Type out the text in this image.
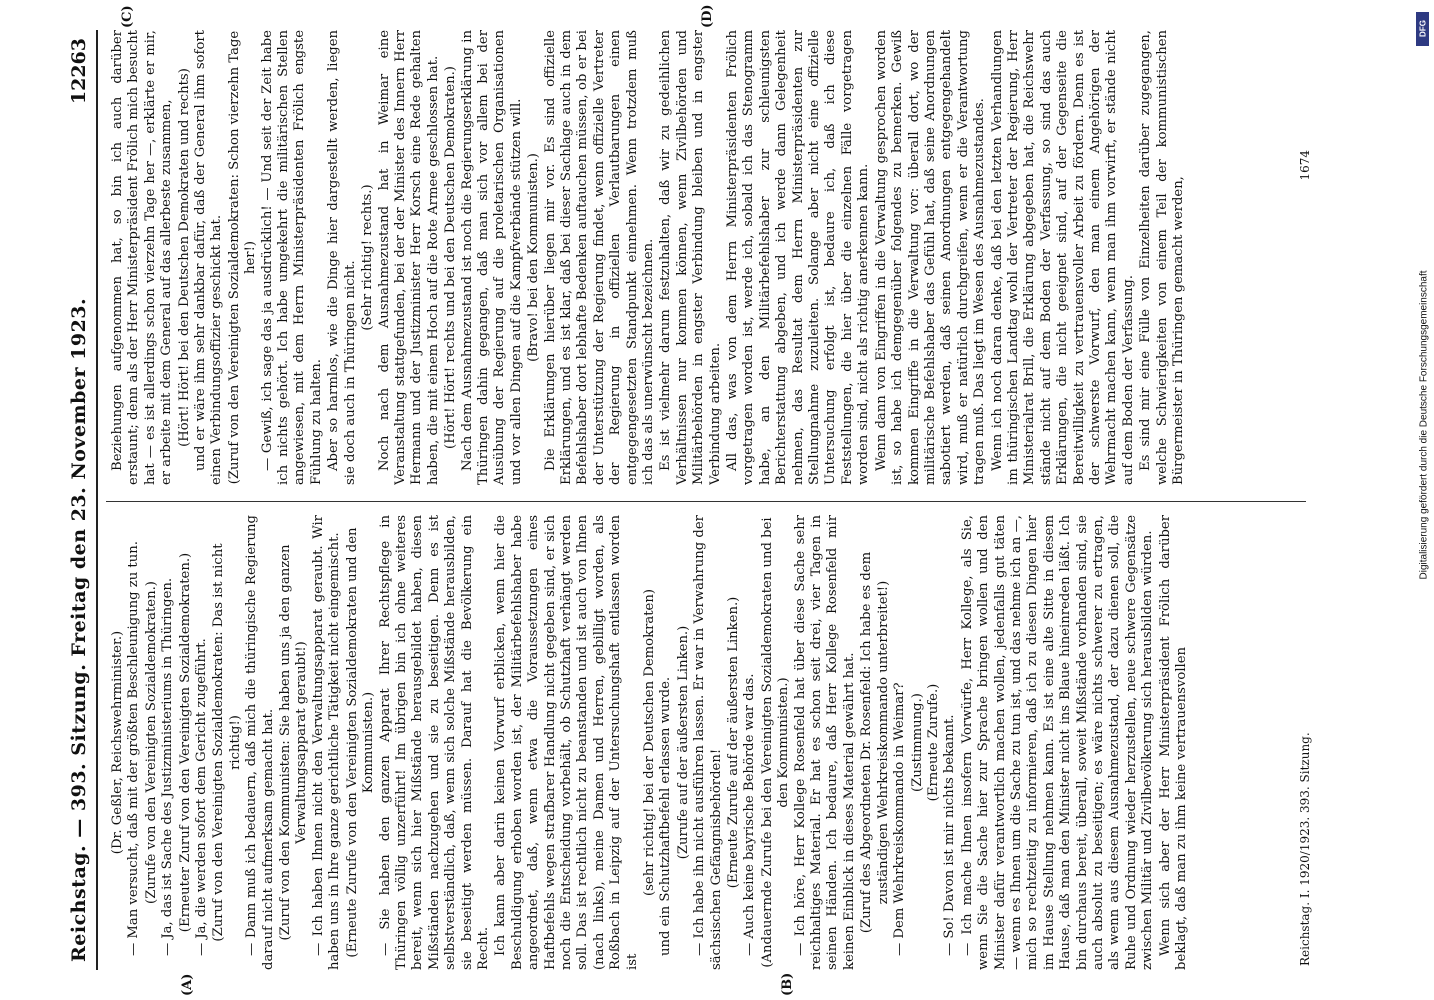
Reichstag. — 393. Sitzung. Freitag den 23. November 1923.
12263
(A)	(B)
(C)	(D)

(Dr. Geßler, Reichswehrminister.) — Man versucht, daß mit der größten Beschleunigung zu tun. (Zurufe von den Vereinigten Sozialdemokraten.) — Ja, das ist Sache des Justizministeriums in Thüringen. (Erneuter Zuruf von den Vereinigten Sozialdemokraten.) — Ja, die werden sofort dem Gericht zugeführt. (Zuruf von den Vereinigten Sozialdemokraten: Das ist nicht richtig!) — Dann muß ich bedauern, daß mich die thüringische Regierung darauf nicht aufmerksam gemacht hat. (Zuruf von den Kommunisten: Sie haben uns ja den ganzen Verwaltungsapparat geraubt!) — Ich haben Ihnen nicht den Verwaltungsapparat geraubt. Wir haben uns in Ihre ganze gerichtliche Tätigkeit nicht eingemischt. (Erneute Zurufe von den Vereinigten Sozialdemokraten und den Kommunisten.) — Sie haben den ganzen Apparat Ihrer Rechtspflege in Thüringen völlig unzerführt! Im übrigen bin ich ohne weiteres bereit, wenn sich hier Mißstände herausgebildet haben, diesen Mißständen nachzugehen und sie zu beseitigen. Denn es ist selbstverständlich, daß, wenn sich solche Mißstände herausbilden, sie beseitigt werden müssen. Darauf hat die Bevölkerung ein Recht. Ich kann aber darin keinen Vorwurf erblicken, wenn hier die Beschuldigung erhoben worden ist, der Militärbefehlshaber habe angeordnet, daß, wenn etwa die Voraussetzungen eines Haftbefehls wegen strafbarer Handlung nicht gegeben sind, er sich noch die Entscheidung vorbehält, ob Schutzhaft verhängt werden soll. Das ist rechtlich nicht zu beanstanden und ist auch von Ihnen (nach links), meine Damen und Herren, gebilligt worden, als Roßbach in Leipzig auf der Untersuchungshaft entlassen worden ist

(sehr richtig! bei der Deutschen Demokraten) und ein Schutzhaftbefehl erlassen wurde. (Zurufe auf der äußersten Linken.) — Ich habe ihn nicht ausführen lassen. Er war in Verwahrung der sächsischen Gefängnisbehörden! (Erneute Zurufe auf der äußersten Linken.) — Auch keine bayrische Behörde war das. (Andauernde Zurufe bei den Vereinigten Sozialdemokraten und bei den Kommunisten.) — Ich höre, Herr Kollege Rosenfeld hat über diese Sache sehr reichhaltiges Material. Er hat es schon seit drei, vier Tagen in seinen Händen. Ich bedaure, daß Herr Kollege Rosenfeld mir keinen Einblick in dieses Material gewährt hat. (Zuruf des Abgeordneten Dr. Rosenfeld: Ich habe es dem zuständigen Wehrkreiskommando unterbreitet!) — Dem Wehrkreiskommando in Weimar? (Zustimmung.) (Erneute Zurufe.) — So! Davon ist mir nichts bekannt. — Ich mache Ihnen insofern Vorwürfe, Herr Kollege, als Sie, wenn Sie die Sache hier zur Sprache bringen wollen und den Minister dafür verantwortlich machen wollen, jedenfalls gut täten — wenn es Ihnen um die Sache zu tun ist, und das nehme ich an —, mich so rechtzeitig zu informieren, daß ich zu diesen Dingen hier im Hause Stellung nehmen kann. Es ist eine alte Sitte in diesem Hause, daß man den Minister nicht ins Blaue hineinreden läßt. Ich bin durchaus bereit, überall, soweit Mißstände vorhanden sind, sie auch absolut zu beseitigen; es wäre nichts schwerer zu ertragen, als wenn aus diesem Ausnahmezustand, der dazu dienen soll, die Ruhe und Ordnung wieder herzustellen, neue schwere Gegensätze zwischen Militär und Zivilbevölkerung sich herausbilden würden. Wenn sich aber der Herr Ministerpräsident Frölich darüber beklagt, daß man zu ihm keine vertrauensvollen

Beziehungen aufgenommen hat, so bin ich auch darüber erstaunt; denn als der Herr Ministerpräsident Frölich mich besucht hat — es ist allerdings schon vierzehn Tage her —, erklärte er mir, er arbeite mit dem General auf das allerbeste zusammen, (Hört! Hört! bei den Deutschen Demokraten und rechts) und er wäre ihm sehr dankbar dafür, daß der General ihm sofort einen Verbindungsoffizier geschickt hat. (Zuruf von den Vereinigten Sozialdemokraten: Schon vierzehn Tage her!) — Gewiß, ich sage das ja ausdrücklich! — Und seit der Zeit habe ich nichts gehört. Ich habe umgekehrt die militärischen Stellen angewiesen, mit dem Herrn Ministerpräsidenten Frölich engste Fühlung zu halten. Aber so harmlos, wie die Dinge hier dargestellt werden, liegen sie doch auch in Thüringen nicht.

(Sehr richtig! rechts.) Noch nach dem Ausnahmezustand hat in Weimar eine Veranstaltung stattgefunden, bei der der Minister des Innern Herr Hermann und der Justizminister Herr Korsch eine Rede gehalten haben, die mit einem Hoch auf die Rote Armee geschlossen hat. (Hört! Hört! rechts und bei den Deutschen Demokraten.) Nach dem Ausnahmezustand ist noch die Regierungserklärung in Thüringen dahin gegangen, daß man sich vor allem bei der Ausübung der Regierung auf die proletarischen Organisationen und vor allen Dingen auf die Kampfverbände stützen will. (Bravo! bei den Kommunisten.) Die Erklärungen hierüber liegen mir vor. Es sind offizielle Erklärungen, und es ist klar, daß bei dieser Sachlage auch in dem Befehlshaber dort lebhafte Bedenken auftauchen müssen, ob er bei der Unterstützung der Regierung findet, wenn offizielle Vertreter der Regierung in offiziellen Verlautbarungen einen entgegengesetzten Standpunkt einnehmen. Wenn trotzdem muß ich das als unerwünscht bezeichnen. Es ist vielmehr darum festzuhalten, daß wir zu gedeihlichen Verhältnissen nur kommen können, wenn Zivilbehörden und Militärbehörden in engster Verbindung bleiben und in engster Verbindung arbeiten. All das, was von dem Herrn Ministerpräsidenten Frölich vorgetragen worden ist, werde ich, sobald ich das Stenogramm habe, an den Militärbefehlshaber zur schleunigsten Berichterstattung abgeben, und ich werde dann Gelegenheit nehmen, das Resultat dem Herrn Ministerpräsidenten zur Stellungnahme zuzuleiten. Solange aber nicht eine offizielle Untersuchung erfolgt ist, bedaure ich, daß ich diese Feststellungen, die hier über die einzelnen Fälle vorgetragen worden sind, nicht als richtig anerkennen kann. Wenn dann von Eingriffen in die Verwaltung gesprochen worden ist, so habe ich demgegenüber folgendes zu bemerken. Gewiß kommen Eingriffe in die Verwaltung vor: überall dort, wo der militärische Befehlshaber das Gefühl hat, daß seine Anordnungen sabotiert werden, daß seinen Anordnungen entgegengehandelt wird, muß er natürlich durchgreifen, wenn er die Verantwortung tragen muß. Das liegt im Wesen des Ausnahmezustandes. Wenn ich noch daran denke, daß bei den letzten Verhandlungen im thüringischen Landtag wohl der Vertreter der Regierung, Herr Ministerialrat Brill, die Erklärung abgegeben hat, die Reichswehr stände nicht auf dem Boden der Verfassung, so sind das auch Erklärungen, die nicht geeignet sind, auf der Gegenseite die Bereitwilligkeit zu vertrauensvoller Arbeit zu fördern. Denn es ist der schwerste Vorwurf, den man einem Angehörigen der Wehrmacht machen kann, wenn man ihm vorwirft, er stände nicht auf dem Boden der Verfassung. Es sind mir eine Fülle von Einzelheiten darüber zugegangen, welche Schwierigkeiten von einem Teil der kommunistischen Bürgermeister in Thüringen gemacht werden,

Reichstag. I. 1920/1923. 393. Sitzung.
1674
DFG
Digitalisierung gefördert durch die Deutsche Forschungsgemeinschaft
